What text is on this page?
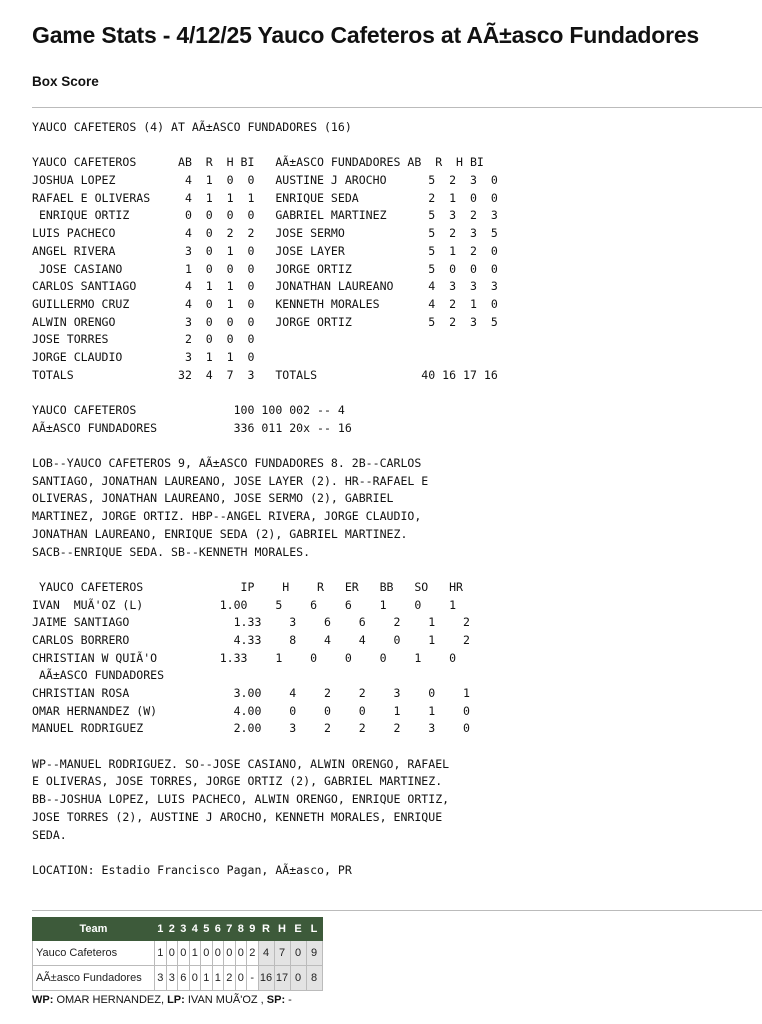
Game Stats - 4/12/25 Yauco Cafeteros at AÃ±asco Fundadores
Box Score
YAUCO CAFETEROS (4) AT AÃ±ASCO FUNDADORES (16)
YAUCO CAFETEROS      AB  R  H BI   AÃ±ASCO FUNDADORES AB  R  H BI
JOSHUA LOPEZ          4  1  0  0   AUSTINE J AROCHO      5  2  3  0
RAFAEL E OLIVERAS     4  1  1  1   ENRIQUE SEDA          2  1  0  0
ENRIQUE ORTIZ        0  0  0  0   GABRIEL MARTINEZ      5  3  2  3
LUIS PACHECO          4  0  2  2   JOSE SERMO            5  2  3  5
ANGEL RIVERA          3  0  1  0   JOSE LAYER            5  1  2  0
JOSE CASIANO         1  0  0  0   JORGE ORTIZ           5  0  0  0
CARLOS SANTIAGO       4  1  1  0   JONATHAN LAUREANO     4  3  3  3
GUILLERMO CRUZ        4  0  1  0   KENNETH MORALES       4  2  1  0
ALWIN ORENGO          3  0  0  0   JORGE ORTIZ           5  2  3  5
JOSE TORRES           2  0  0  0
JORGE CLAUDIO         3  1  1  0
TOTALS               32  4  7  3   TOTALS               40 16 17 16
YAUCO CAFETEROS              100 100 002 -- 4
AÃ±ASCO FUNDADORES           336 011 20x -- 16
LOB--YAUCO CAFETEROS 9, AÃ±ASCO FUNDADORES 8. 2B--CARLOS
SANTIAGO, JONATHAN LAUREANO, JOSE LAYER (2). HR--RAFAEL E
OLIVERAS, JONATHAN LAUREANO, JOSE SERMO (2), GABRIEL
MARTINEZ, JORGE ORTIZ. HBP--ANGEL RIVERA, JORGE CLAUDIO,
JONATHAN LAUREANO, ENRIQUE SEDA (2), GABRIEL MARTINEZ.
SACB--ENRIQUE SEDA. SB--KENNETH MORALES.
YAUCO CAFETEROS              IP    H    R   ER   BB   SO   HR
IVAN  MUÃ'OZ (L)           1.00    5    6    6    1    0    1
JAIME SANTIAGO               1.33    3    6    6    2    1    2
CARLOS BORRERO               4.33    8    4    4    0    1    2
CHRISTIAN W QUIÃ'O         1.33    1    0    0    0    1    0
AÃ±ASCO FUNDADORES
CHRISTIAN ROSA               3.00    4    2    2    3    0    1
OMAR HERNANDEZ (W)           4.00    0    0    0    1    1    0
MANUEL RODRIGUEZ             2.00    3    2    2    2    3    0
WP--MANUEL RODRIGUEZ. SO--JOSE CASIANO, ALWIN ORENGO, RAFAEL
E OLIVERAS, JOSE TORRES, JORGE ORTIZ (2), GABRIEL MARTINEZ.
BB--JOSHUA LOPEZ, LUIS PACHECO, ALWIN ORENGO, ENRIQUE ORTIZ,
JOSE TORRES (2), AUSTINE J AROCHO, KENNETH MORALES, ENRIQUE
SEDA.
LOCATION: Estadio Francisco Pagan, AÃ±asco, PR
Team	1	2	3	4	5	6	7	8	9	R	H	E	L
Yauco Cafeteros	1	0	0	1	0	0	0	0	2	4	7	0	9
AÃ±asco Fundadores	3	3	6	0	1	1	2	0	-	16	17	0	8
WP: OMAR HERNANDEZ, LP: IVAN MUÃ'OZ , SP: -
